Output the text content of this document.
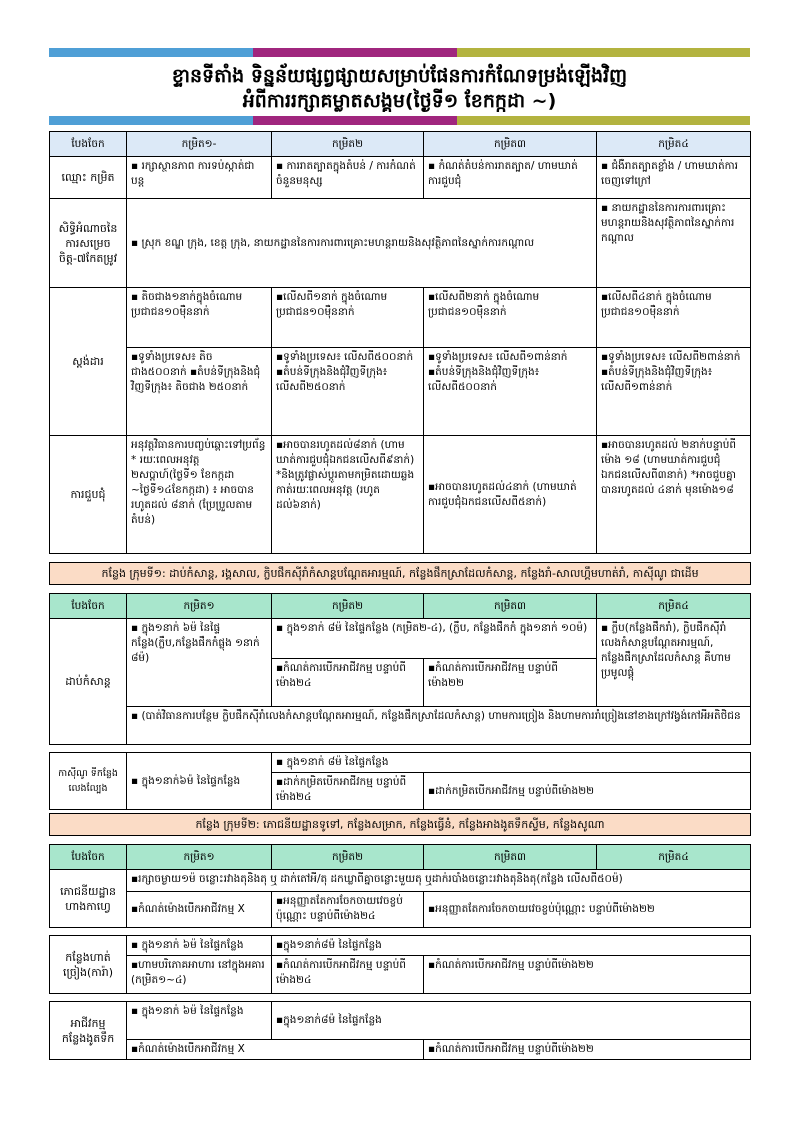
ខ្ទានទីតាំង ទិន្នន័យផ្សព្វផ្សាយសម្រាប់ផែនការកំណែទម្រង់ឡើងវិញ
អំពីការរក្សាគម្លាតសង្គម(ថ្ងៃទី១ ខែកក្កដា ~)
បែងចែក	កម្រិត១-	កម្រិត២	កម្រិត៣	កម្រិត៤
ឈ្មោះ កម្រិត	▪ រក្សាស្ថានភាព ការទប់ស្កាត់ជាបន្ត	▪ ការរាតត្បាតក្នុងតំបន់ / ការកំណត់ចំនួនមនុស្ស	▪ កំណត់តំបន់ការរាតត្បាត/ ហាមឃាត់ការជួបជុំ	▪ ជំងឺរាតត្បាតខ្លាំង / ហាមឃាត់ការចេញទៅក្រៅ
សិទ្ធិអំណាចនៃការសម្រេចចិត្ត-៧កែតម្រូវ	▪ ស្រុក ខណ្ឌ ក្រុង, ខេត្ត ក្រុង, នាយកដ្ឋាននៃការការពារគ្រោះមហន្តរាយនិងសុវត្ថិភាពនៃស្នាក់ការកណ្តាល			▪ នាយកដ្ឋាននៃការការពារគ្រោះមហន្តរាយនិងសុវត្ថិភាពនៃស្នាក់ការកណ្តាល
ស្តង់ដារ	▪ តិចជាង១នាក់ក្នុងចំណោមប្រជាជន១០ម៉ឺននាក់	▪លើសពី១នាក់ ក្នុងចំណោមប្រជាជន១០ម៉ឺននាក់	▪លើសពី២នាក់ ក្នុងចំណោមប្រជាជន១០ម៉ឺននាក់	▪លើសពី៤នាក់ ក្នុងចំណោមប្រជាជន១០ម៉ឺននាក់
	▪ទូទាំងប្រទេស៖ តិចជាង៥០០នាក់ ▪តំបន់ទីក្រុងនិងជុំវិញទីក្រុង៖ តិចជាង ២៥០នាក់	▪ទូទាំងប្រទេស៖ លើសពី៥០០នាក់ ▪តំបន់ទីក្រុងនិងជុំវិញទីក្រុង៖ លើសពី២៥០នាក់	▪ទូទាំងប្រទេស៖ លើសពី១ពាន់នាក់ ▪តំបន់ទីក្រុងនិងជុំវិញទីក្រុង៖ លើសពី៥០០នាក់	▪ទូទាំងប្រទេស៖ លើសពី២ពាន់នាក់ ▪តំបន់ទីក្រុងនិងជុំវិញទីក្រុង៖ លើសពី១ពាន់នាក់
ការជួបជុំ	អនុវត្តវិធានការបញ្ចប់ឆ្ពោះទៅប្រព័ន្ធ * រយៈពេលអនុវត្ត ២សប្តាហ៍(ថ្ងៃទី១ ខែកក្កដា ~ថ្ងៃទី១៤ខែកក្កដា) ៖ អាចបានរហូតដល់ ៨នាក់ (ប្រែប្រួលតាមតំបន់)	▪អាចបានរហូតដល់៨នាក់ (ហាមឃាត់ការជួបជុំឯកជនលើសពី៩នាក់) *និងត្រូវផ្លាស់ប្តូរតាមកម្រិតដោយឆ្លងកាត់រយៈពេលអនុវត្ត (រហូតដល់៦នាក់)	▪អាចបានរហូតដល់៤នាក់ (ហាមឃាត់ការជួបជុំឯកជនលើសពី៥នាក់)	▪អាចបានរហូតដល់ ២នាក់បន្ទាប់ពីម៉ោង ១៨ (ហាមឃាត់ការជួបជុំឯកជនលើសពី៣នាក់) *អាចជួបគ្នា បានរហូតដល់ ៤នាក់ មុនម៉ោង១៨
កន្លែង ក្រុមទី១: ដាប់កំសាន្ត, រង្គសាល, ក្លិបផឹកស៊ីរាំកំសាន្តបណ្តែតអារម្មណ៍, កន្លែងផឹកស្រាដែលកំសាន្ត, កន្លែងរាំ-សាលហ្គឹមហាត់រាំ, កាស៊ីណូ ជាដើម				

បែងចែក	កម្រិត១	កម្រិត២	កម្រិត៣	កម្រិត៤
ដាប់កំសាន្ត	▪ ក្នុង១នាក់ ៦ម៉ នៃផ្ទៃកន្លែង(ក្លឹប,កន្លែងផឹកកំផ្លុង ១នាក់ ៨ម៉)	▪ ក្នុង១នាក់ ៨ម៉ នៃផ្ទៃកន្លែង (កម្រិត២-៤), (ក្លឹប, កន្លែងផឹកកំ ក្នុង១នាក់ ១០ម៉)		▪ ក្លឹប(កន្លែងផឹករាំ), ក្លិបផឹកស៊ីរាំលេងកំសាន្តបណ្តែតអារម្មណ៍, កន្លែងផឹកស្រាដែលកំសាន្ត គឺហាមប្រមូលផ្តុំ
		▪កំណត់ការបើកអាជីវកម្ម បន្ទាប់ពីម៉ោង២៤	▪កំណត់ការបើកអាជីវកម្ម បន្ទាប់ពីម៉ោង២២	
	▪ (បាត់វិធានការបន្ថែម ក្លិបផឹកស៊ីរាំលេងកំសាន្តបណ្តែតអារម្មណ៍, កន្លែងផឹកស្រាដែលកំសាន្ត) ហាមការច្រៀង និងហាមការរាំច្រៀងនៅខាងក្រៅវង្វង់កៅអីអតិថិជន			

កាស៊ីណូ ទីកន្លែងលេងល្បែង	▪ ក្នុង១នាក់៦ម៉ នៃផ្ទៃកន្លែង	▪ ក្នុង១នាក់ ៨ម៉ នៃផ្ទៃកន្លែង		
		▪ដាក់កម្រិតបើកអាជីវកម្ម បន្ទាប់ពីម៉ោង២៤	▪ដាក់កម្រិតបើកអាជីវកម្ម បន្ទាប់ពីម៉ោង២២	
កន្លែង ក្រុមទី២: ភោជនីយដ្ឋានទូទៅ, កន្លែងសម្រាក, កន្លែងធ្វើនំ, កន្លែងអាងងូតទឹកស្ទីម, កន្លែងសូណា				

បែងចែក	កម្រិត១	កម្រិត២	កម្រិត៣	កម្រិត៤
ភោជនីយដ្ឋាន ហាងកាហ្វេ	▪រក្សាចម្ងាយ១ម៉ ចន្លោះរវាងតុនិងតុ ឬ ដាក់តៅអី/តុ ដកឃ្លាពីគ្នាចន្លោះមួយតុ ឬដាក់របាំងចន្លោះរវាងតុនិងតុ(កន្លែង លើសពី៥០ម៉)			
	▪កំណត់ម៉ោងបើកអាជីវកម្ម X	▪អនុញ្ញាតតែការចែកចាយវេចខ្ចប់ប៉ុណ្ណោះ បន្ទាប់ពីម៉ោង២៤	▪អនុញ្ញាតតែការចែកចាយវេចខ្ចប់ប៉ុណ្ណោះ បន្ទាប់ពីម៉ោង២២	

កន្លែងហាត់ច្រៀង(ការ៉ា)	▪ ក្នុង១នាក់ ៦ម៉ នៃផ្ទៃកន្លែង	▪ក្នុង១នាក់៨ម៉ នៃផ្ទៃកន្លែង		
	▪ហាមបរិភោគអាហារ នៅក្នុងអគារ (កម្រិត១~៤)	▪កំណត់ការបើកអាជីវកម្ម បន្ទាប់ពីម៉ោង២៤	▪កំណត់ការបើកអាជីវកម្ម បន្ទាប់ពីម៉ោង២២	

អាជីវកម្ម កន្លែងងូតទឹក	▪ ក្នុង១នាក់ ៦ម៉ នៃផ្ទៃកន្លែង	▪ក្នុង១នាក់៨ម៉ នៃផ្ទៃកន្លែង		
	▪កំណត់ម៉ោងបើកអាជីវកម្ម X		▪កំណត់ការបើកអាជីវកម្ម បន្ទាប់ពីម៉ោង២២	
